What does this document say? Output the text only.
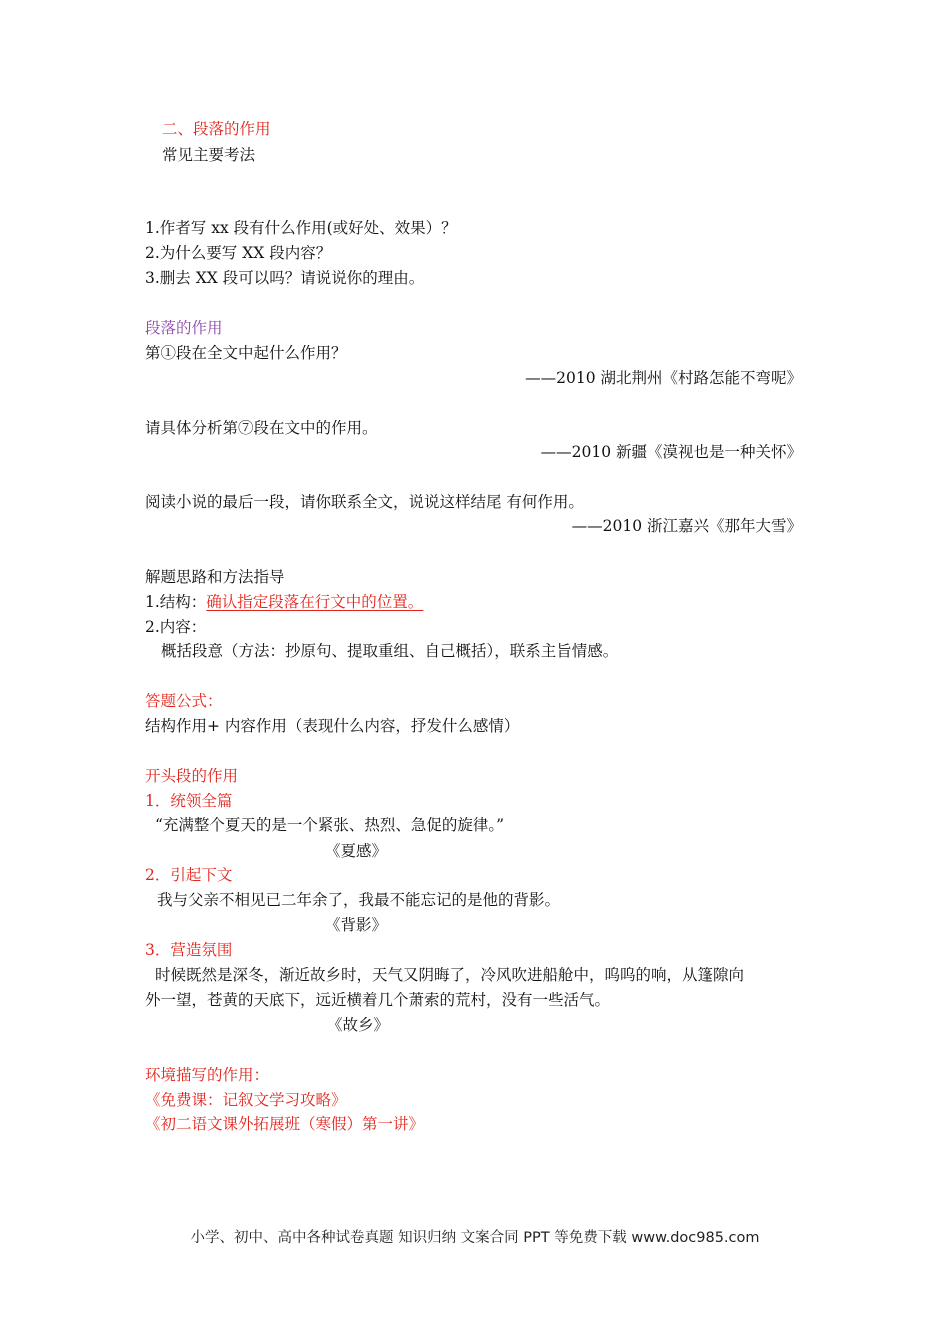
二、段落的作用
常见主要考法
1.作者写 xx 段有什么作用(或好处、效果）？
2.为什么要写 XX 段内容？
3.删去 XX 段可以吗？请说说你的理由。
段落的作用
第①段在全文中起什么作用？
——2010 湖北荆州《村路怎能不弯呢》
请具体分析第⑦段在文中的作用。
——2010 新疆《漠视也是一种关怀》
阅读小说的最后一段，请你联系全文，说说这样结尾 有何作用。
——2010 浙江嘉兴《那年大雪》
解题思路和方法指导
1.结构：确认指定段落在行文中的位置。
2.内容：
概括段意（方法：抄原句、提取重组、自己概括），联系主旨情感。
答题公式：
结构作用+ 内容作用（表现什么内容，抒发什么感情）
开头段的作用
1．统领全篇
“充满整个夏天的是一个紧张、热烈、急促的旋律。”
《夏感》
2．引起下文
我与父亲不相见已二年余了，我最不能忘记的是他的背影。
《背影》
3．营造氛围
时候既然是深冬，渐近故乡时，天气又阴晦了，冷风吹进船舱中，呜呜的响，从篷隙向
外一望，苍黄的天底下，远近横着几个萧索的荒村，没有一些活气。
《故乡》
环境描写的作用：
《免费课：记叙文学习攻略》
《初二语文课外拓展班（寒假）第一讲》
小学、初中、高中各种试卷真题 知识归纳 文案合同 PPT 等免费下载 www.doc985.com
